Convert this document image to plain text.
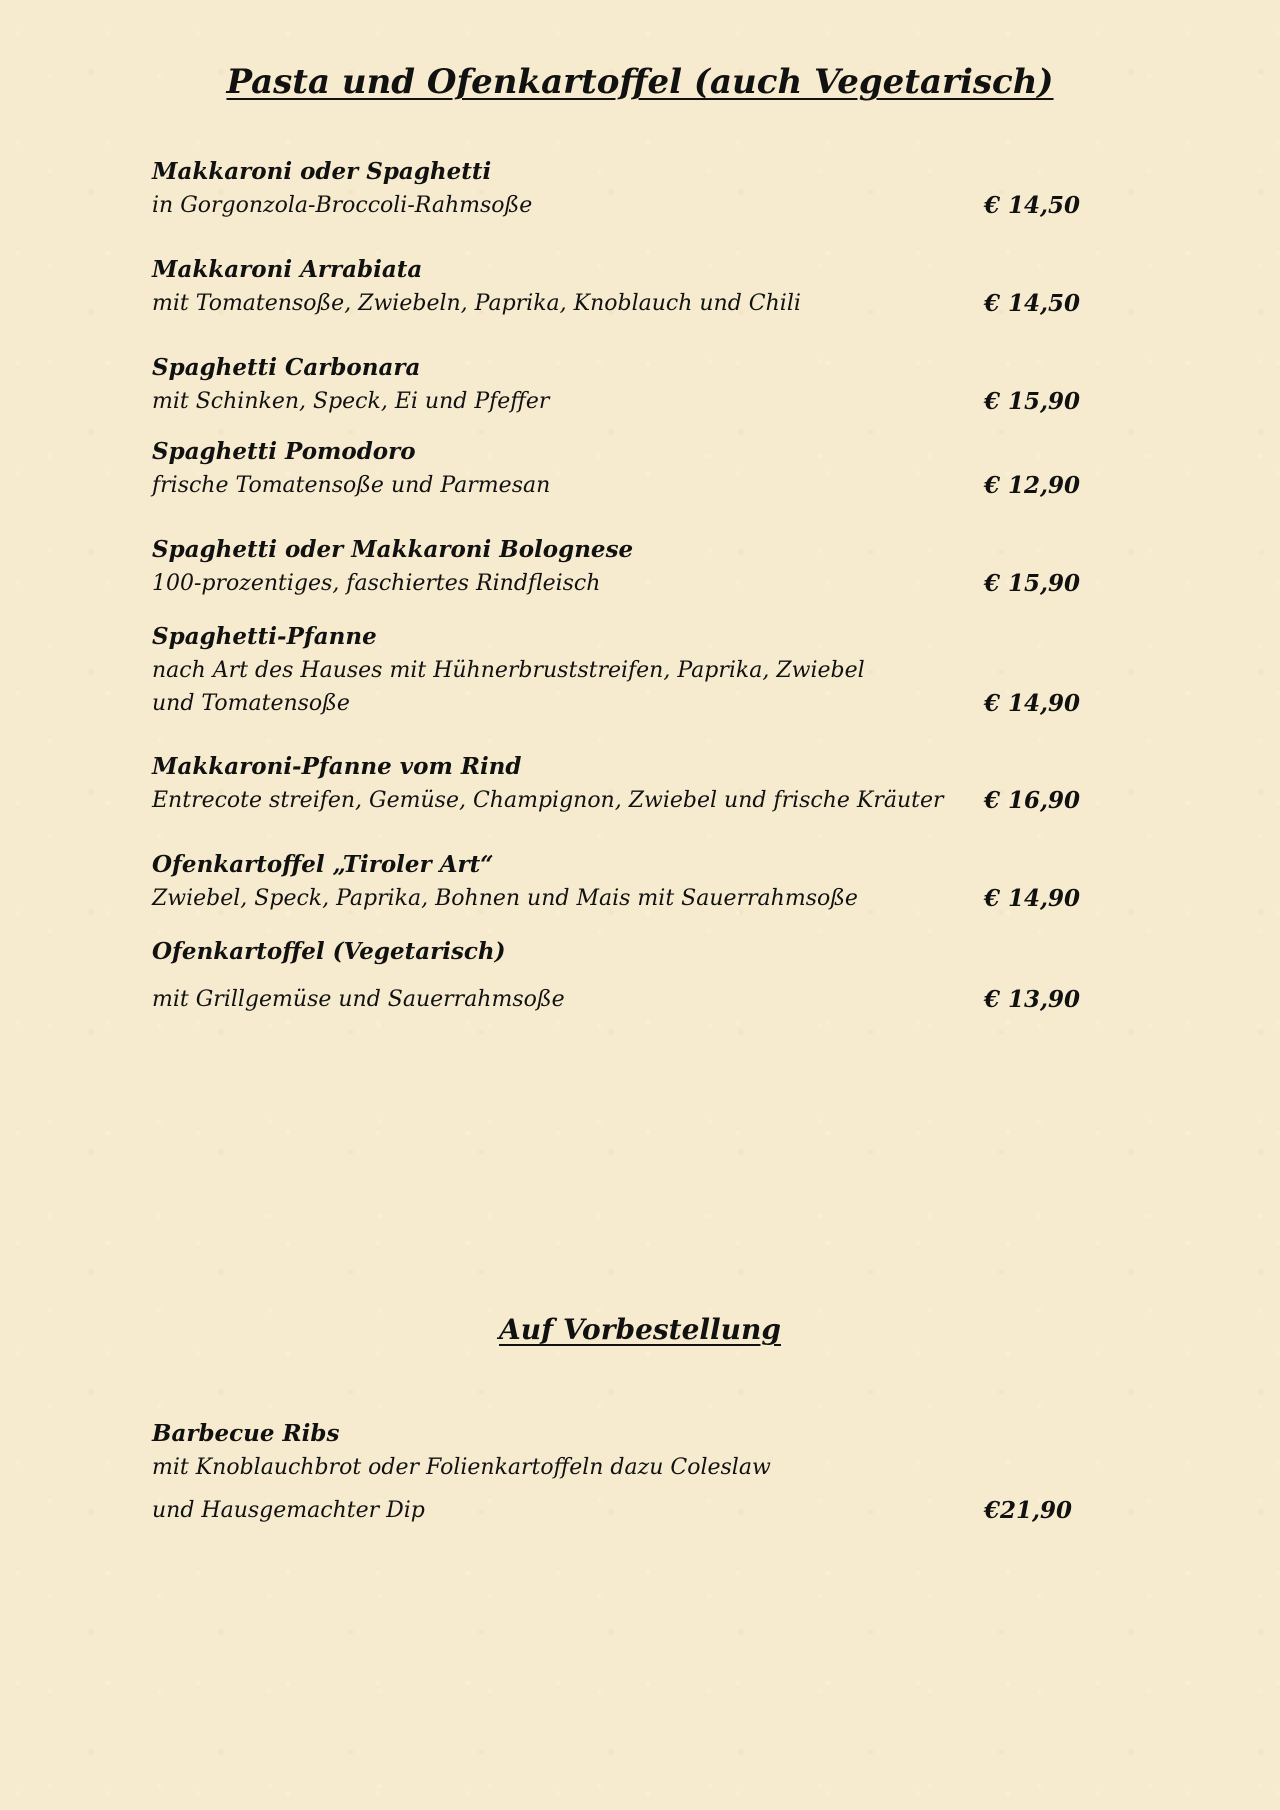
Pasta und Ofenkartoffel (auch Vegetarisch)
Makkaroni oder Spaghetti
in Gorgonzola-Broccoli-Rahmsoße	€ 14,50
Makkaroni Arrabiata
mit Tomatensoße, Zwiebeln, Paprika, Knoblauch und Chili	€ 14,50
Spaghetti Carbonara
mit Schinken, Speck, Ei und Pfeffer	€ 15,90
Spaghetti Pomodoro
frische Tomatensoße und Parmesan	€ 12,90
Spaghetti oder Makkaroni Bolognese
100-prozentiges, faschiertes Rindfleisch	€ 15,90
Spaghetti-Pfanne
nach Art des Hauses mit Hühnerbruststreifen, Paprika, Zwiebel
und Tomatensoße	€ 14,90
Makkaroni-Pfanne vom Rind
Entrecote streifen, Gemüse, Champignon, Zwiebel und frische Kräuter € 16,90
Ofenkartoffel „Tiroler Art“
Zwiebel, Speck, Paprika, Bohnen und Mais mit Sauerrahmsoße	€ 14,90
Ofenkartoffel (Vegetarisch)
mit Grillgemüse und Sauerrahmsoße	€ 13,90
Auf Vorbestellung
Barbecue Ribs
mit Knoblauchbrot oder Folienkartoffeln dazu Coleslaw
und Hausgemachter Dip	€21,90
